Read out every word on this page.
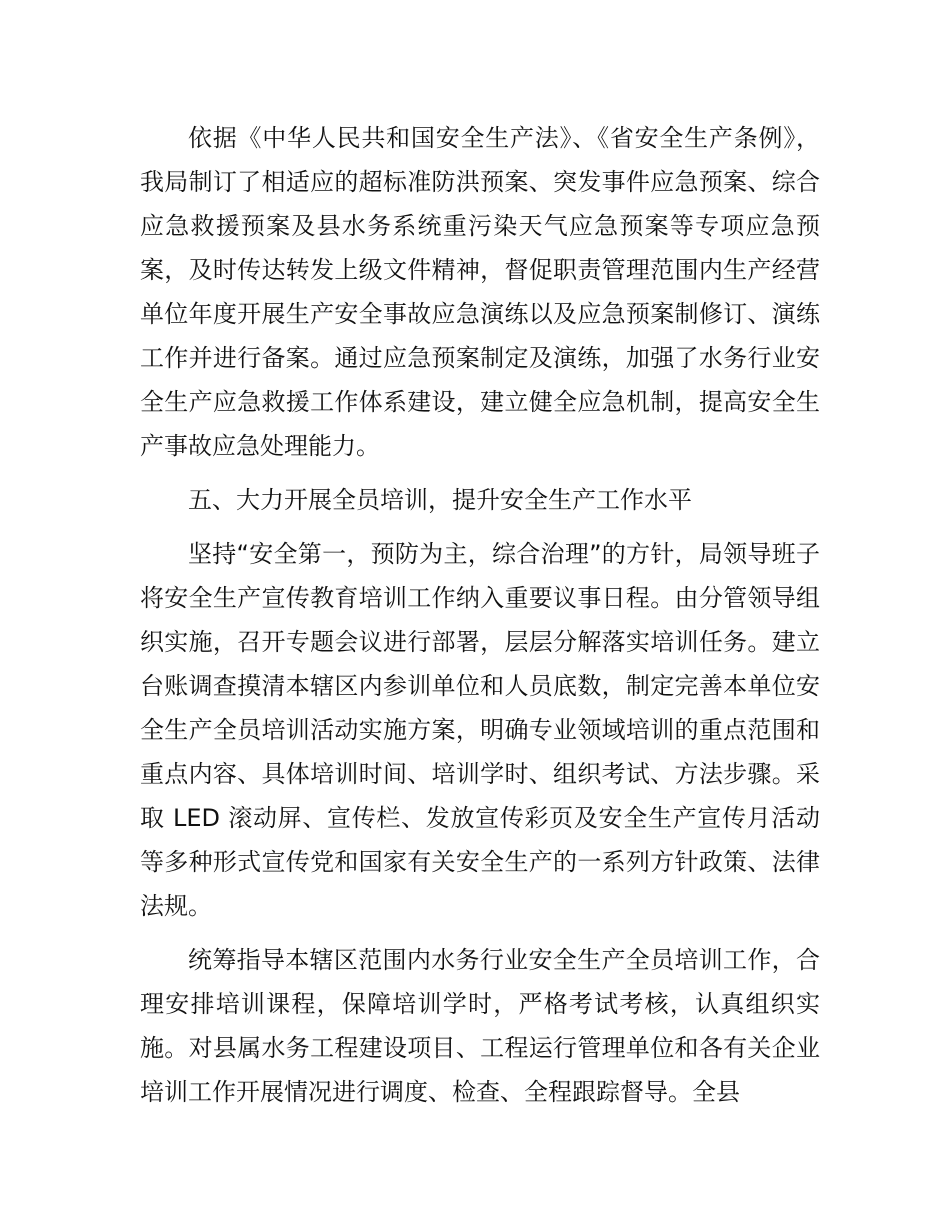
依据《中华人民共和国安全生产法》、《省安全生产条例》，我局制订了相适应的超标准防洪预案、突发事件应急预案、综合应急救援预案及县水务系统重污染天气应急预案等专项应急预案，及时传达转发上级文件精神，督促职责管理范围内生产经营单位年度开展生产安全事故应急演练以及应急预案制修订、演练工作并进行备案。通过应急预案制定及演练，加强了水务行业安全生产应急救援工作体系建设，建立健全应急机制，提高安全生产事故应急处理能力。

五、大力开展全员培训，提升安全生产工作水平

坚持“安全第一，预防为主，综合治理”的方针，局领导班子将安全生产宣传教育培训工作纳入重要议事日程。由分管领导组织实施，召开专题会议进行部署，层层分解落实培训任务。建立台账调查摸清本辖区内参训单位和人员底数，制定完善本单位安全生产全员培训活动实施方案，明确专业领域培训的重点范围和重点内容、具体培训时间、培训学时、组织考试、方法步骤。采取 LED 滚动屏、宣传栏、发放宣传彩页及安全生产宣传月活动等多种形式宣传党和国家有关安全生产的一系列方针政策、法律法规。

统筹指导本辖区范围内水务行业安全生产全员培训工作，合理安排培训课程，保障培训学时，严格考试考核，认真组织实施。对县属水务工程建设项目、工程运行管理单位和各有关企业培训工作开展情况进行调度、检查、全程跟踪督导。全县
